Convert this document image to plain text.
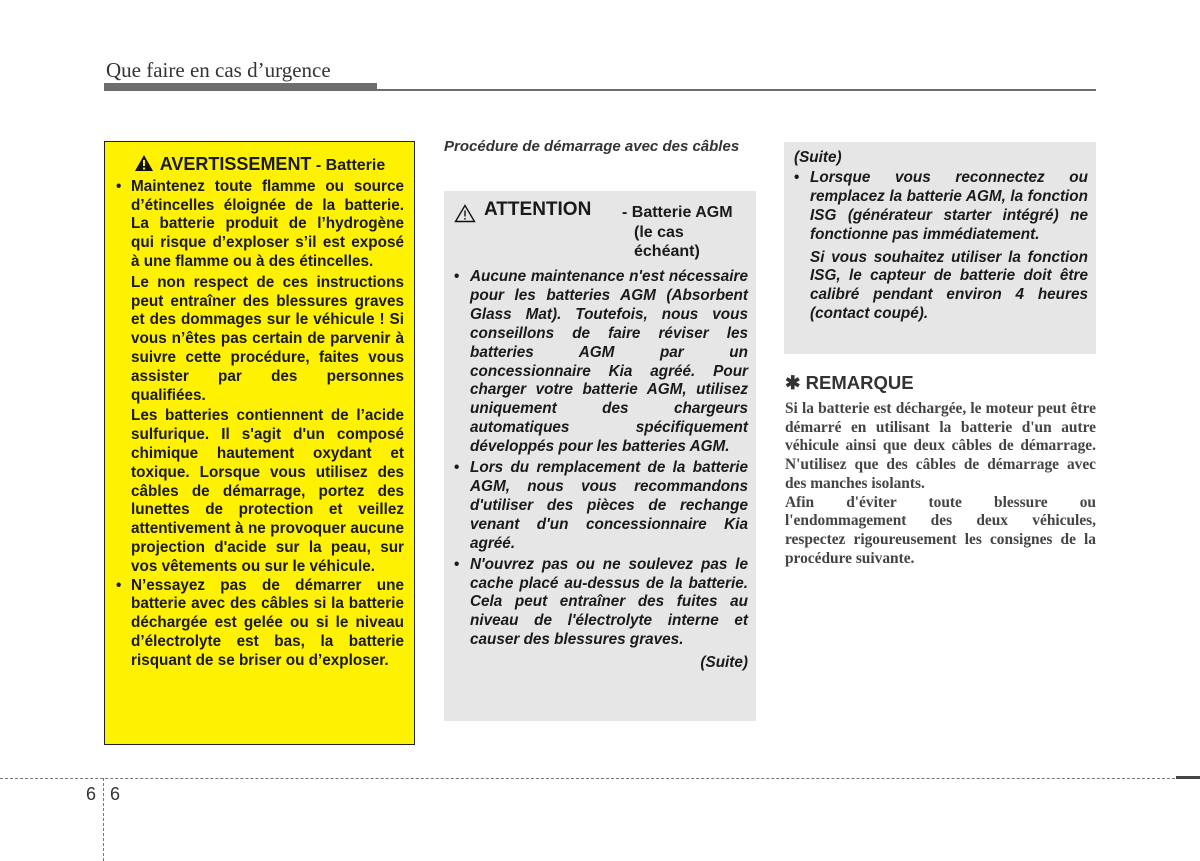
Que faire en cas d’urgence
AVERTISSEMENT - Batterie

• Maintenez toute flamme ou source d’étincelles éloignée de la batterie. La batterie produit de l’hydrogène qui risque d’exploser s’il est exposé à une flamme ou à des étincelles.

Le non respect de ces instructions peut entraîner des blessures graves et des dommages sur le véhicule ! Si vous n’êtes pas certain de parvenir à suivre cette procédure, faites vous assister par des personnes qualifiées.

Les batteries contiennent de l’acide sulfurique. Il s'agit d'un composé chimique hautement oxydant et toxique. Lorsque vous utilisez des câbles de démarrage, portez des lunettes de protection et veillez attentivement à ne provoquer aucune projection d'acide sur la peau, sur vos vêtements ou sur le véhicule.

• N’essayez pas de démarrer une batterie avec des câbles si la batterie déchargée est gelée ou si le niveau d’électrolyte est bas, la batterie risquant de se briser ou d’exploser.

Procédure de démarrage avec des câbles
ATTENTION - Batterie AGM
(le cas
échéant)
• Aucune maintenance n'est nécessaire pour les batteries AGM (Absorbent Glass Mat). Toutefois, nous vous conseillons de faire réviser les batteries AGM par un concessionnaire Kia agréé. Pour charger votre batterie AGM, utilisez uniquement des chargeurs automatiques spécifiquement développés pour les batteries AGM.
• Lors du remplacement de la batterie AGM, nous vous recommandons d'utiliser des pièces de rechange venant d'un concessionnaire Kia agréé.
• N'ouvrez pas ou ne soulevez pas le cache placé au-dessus de la batterie. Cela peut entraîner des fuites au niveau de l'électrolyte interne et causer des blessures graves.
(Suite)
(Suite)
• Lorsque vous reconnectez ou remplacez la batterie AGM, la fonction ISG (générateur starter intégré) ne fonctionne pas immédiatement.

Si vous souhaitez utiliser la fonction ISG, le capteur de batterie doit être calibré pendant environ 4 heures (contact coupé).

✱ REMARQUE

Si la batterie est déchargée, le moteur peut être démarré en utilisant la batterie d'un autre véhicule ainsi que deux câbles de démarrage. N'utilisez que des câbles de démarrage avec des manches isolants.

Afin d'éviter toute blessure ou l'endommagement des deux véhicules, respectez rigoureusement les consignes de la procédure suivante.

6 6
